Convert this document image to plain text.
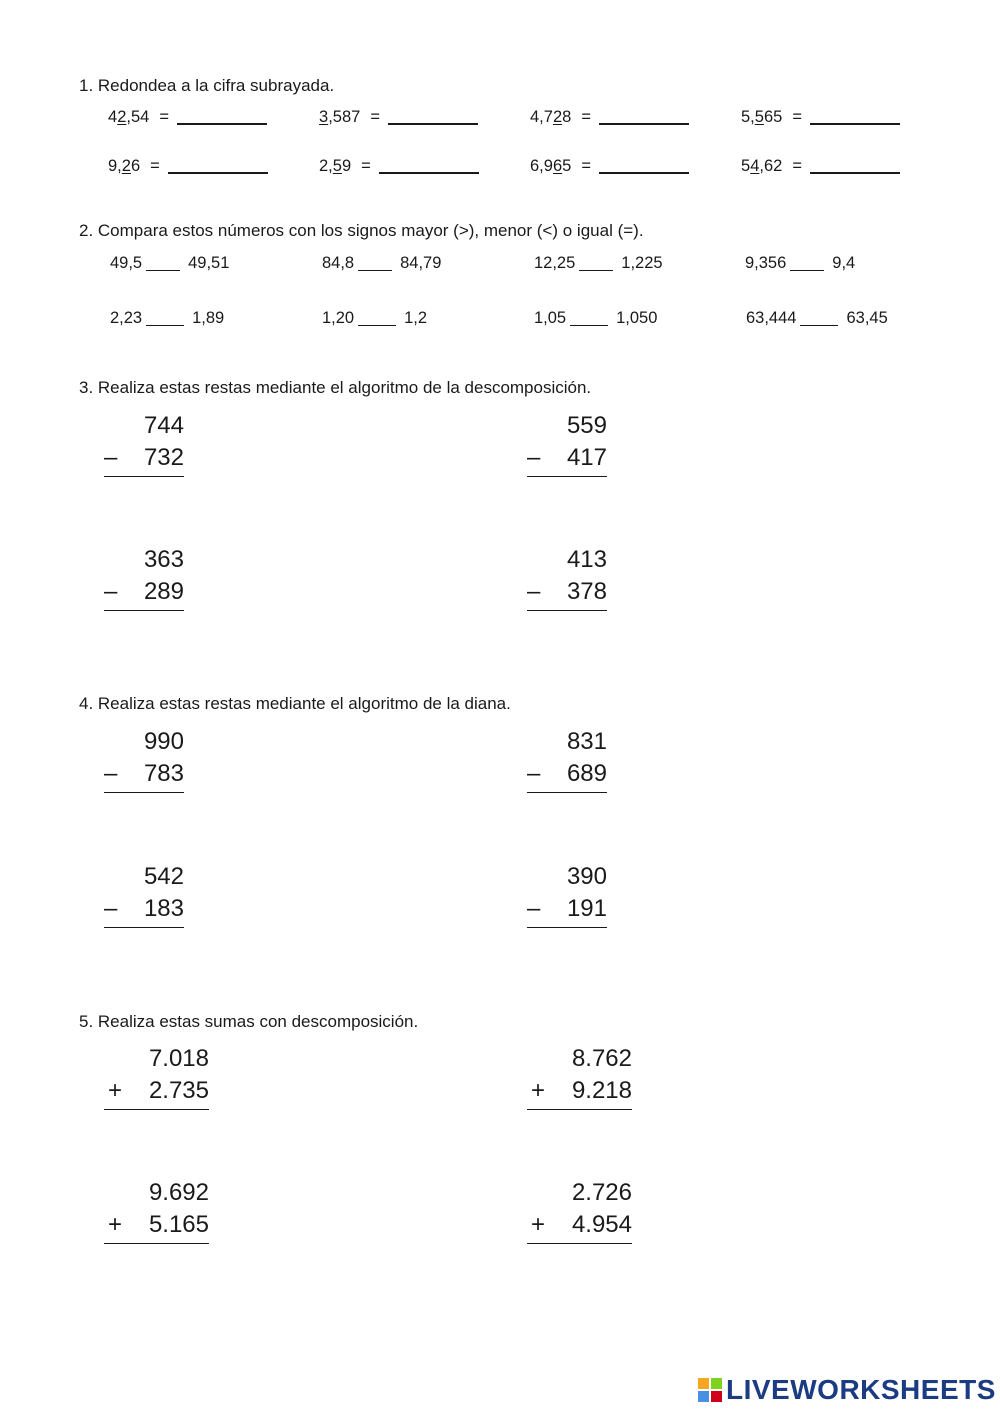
1. Redondea a la cifra subrayada.
4 2 ,54 =	3 ,587 =	4,7 2 8 =	5, 5 65 =
9, 2 6 =	2, 5 9 =	6,9 6 5 =	5 4 ,62 =
2. Compara estos números con los signos mayor (>), menor (<) o igual (=).
49,5	49,51	84,8	84,79	12,25	1,225	9,356	9,4
2,23	1,89	1,20	1,2	1,05	1,050	63,444	63,45
3. Realiza estas restas mediante el algoritmo de la descomposición.
744
– 732
559
– 417
363
– 289
413
– 378
4. Realiza estas restas mediante el algoritmo de la diana.
990
– 783
831
– 689
542
– 183
390
– 191
5. Realiza estas sumas con descomposición.
7.018
+ 2.735
8.762
+ 9.218
9.692
+ 5.165
2.726
+ 4.954
LIVEWORKSHEETS
